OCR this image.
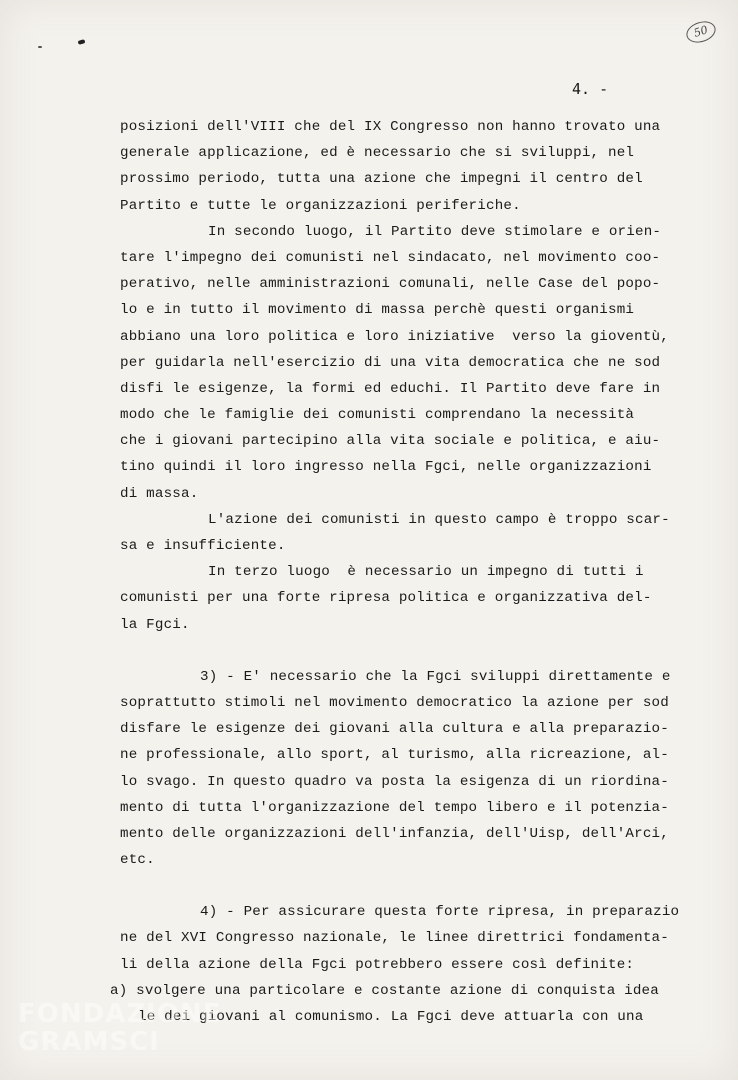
50
4. -
posizioni dell'VIII che del IX Congresso non hanno trovato una
generale applicazione, ed è necessario che si sviluppi, nel
prossimo periodo, tutta una azione che impegni il centro del
Partito e tutte le organizzazioni periferiche.
In secondo luogo, il Partito deve stimolare e orien-
tare l'impegno dei comunisti nel sindacato, nel movimento coo-
perativo, nelle amministrazioni comunali, nelle Case del popo-
lo e in tutto il movimento di massa perchè questi organismi
abbiano una loro politica e loro iniziative  verso la gioventù,
per guidarla nell'esercizio di una vita democratica che ne sod
disfi le esigenze, la formi ed educhi. Il Partito deve fare in
modo che le famiglie dei comunisti comprendano la necessità
che i giovani partecipino alla vita sociale e politica, e aiu-
tino quindi il loro ingresso nella Fgci, nelle organizzazioni
di massa.
L'azione dei comunisti in questo campo è troppo scar-
sa e insufficiente.
In terzo luogo  è necessario un impegno di tutti i
comunisti per una forte ripresa politica e organizzativa del-
la Fgci.
3) - E' necessario che la Fgci sviluppi direttamente e
soprattutto stimoli nel movimento democratico la azione per sod
disfare le esigenze dei giovani alla cultura e alla preparazio-
ne professionale, allo sport, al turismo, alla ricreazione, al-
lo svago. In questo quadro va posta la esigenza di un riordina-
mento di tutta l'organizzazione del tempo libero e il potenzia-
mento delle organizzazioni dell'infanzia, dell'Uisp, dell'Arci,
etc.
4) - Per assicurare questa forte ripresa, in preparazio
ne del XVI Congresso nazionale, le linee direttrici fondamenta-
li della azione della Fgci potrebbero essere così definite:
a) svolgere una particolare e costante azione di conquista idea
le dei giovani al comunismo. La Fgci deve attuarla con una
FONDAZIONE
GRAMSCI
